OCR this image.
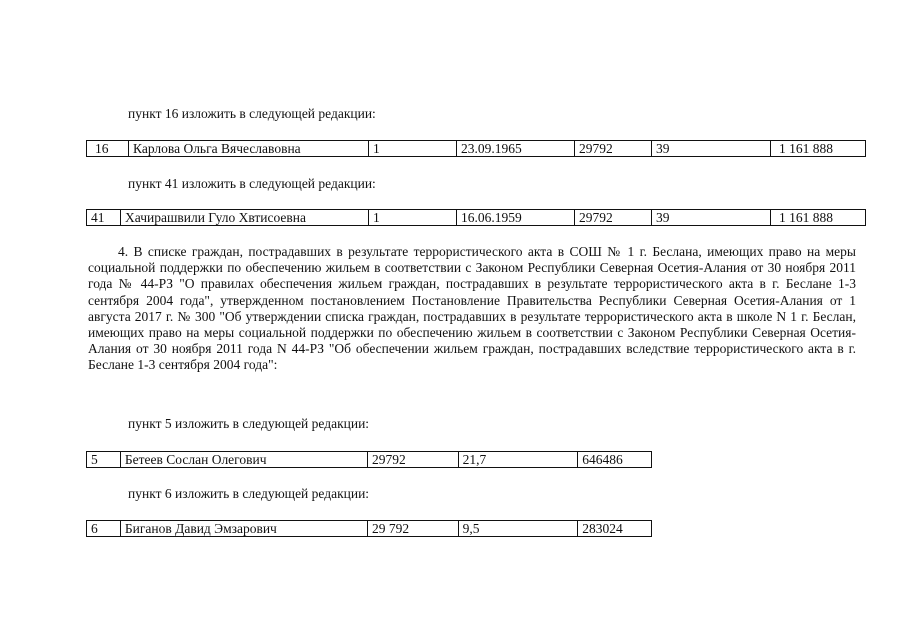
пункт 16 изложить в следующей редакции:
16	Карлова Ольга Вячеславовна	1	23.09.1965	29792	39	1 161 888
пункт 41 изложить в следующей редакции:
41	Хачирашвили Гуло Хвтисоевна	1	16.06.1959	29792	39	1 161 888
4. В списке граждан, пострадавших в результате террористического акта в СОШ № 1 г. Беслана, имеющих право на меры социальной поддержки по обеспечению жильем в соответствии с Законом Республики Северная Осетия-Алания от 30 ноября 2011 года № 44-РЗ "О правилах обеспечения жильем граждан, пострадавших в результате террористического акта в г. Беслане 1-3 сентября 2004 года", утвержденном постановлением Постановление Правительства Республики Северная Осетия-Алания от 1 августа 2017 г. № 300 "Об утверждении списка граждан, пострадавших в результате террористического акта в школе N 1 г. Беслан, имеющих право на меры социальной поддержки по обеспечению жильем в соответствии с Законом Республики Северная Осетия-Алания от 30 ноября 2011 года N 44-РЗ "Об обеспечении жильем граждан, пострадавших вследствие террористического акта в г. Беслане 1-3 сентября 2004 года":
пункт 5 изложить в следующей редакции:
5	Бетеев Сослан Олегович	29792	21,7	646486
пункт 6 изложить в следующей редакции:
6	Биганов Давид Эмзарович	29 792	9,5	283024
